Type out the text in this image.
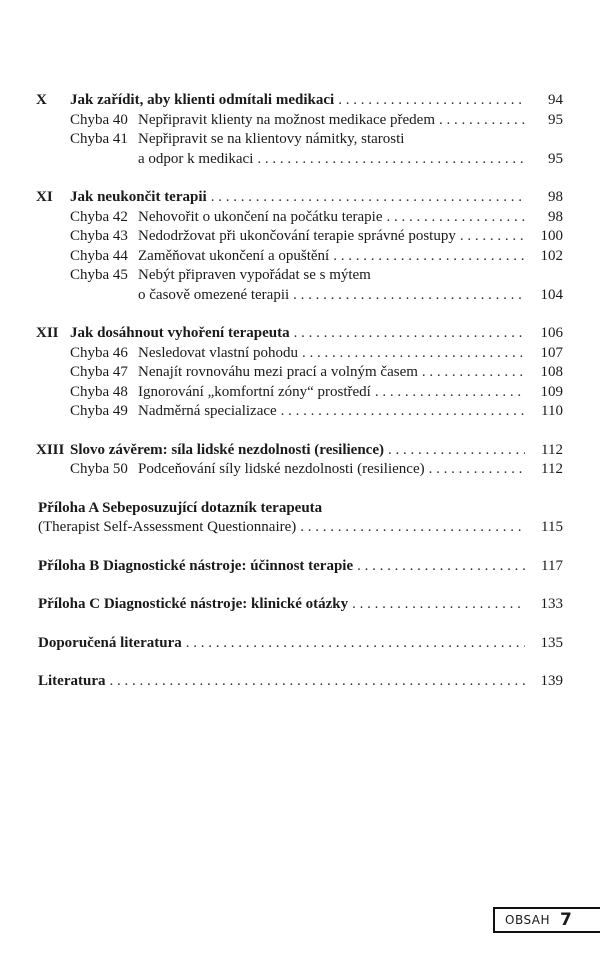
X Jak zařídit, aby klienti odmítali medikaci . . .	94
Chyba 40 Nepřipravit klienty na možnost medikace předem . . .	95
Chyba 41 Nepřipravit se na klientovy námitky, starosti
a odpor k medikaci . . .	95
XI Jak neukončit terapii . . .	98
Chyba 42 Nehovořit o ukončení na počátku terapie . . .	98
Chyba 43 Nedodržovat při ukončování terapie správné postupy . . .	100
Chyba 44 Zaměňovat ukončení a opuštění . . .	102
Chyba 45 Nebýt připraven vypořádat se s mýtem
o časově omezené terapii . . .	104
XII Jak dosáhnout vyhoření terapeuta . . .	106
Chyba 46 Nesledovat vlastní pohodu . . .	107
Chyba 47 Nenajít rovnováhu mezi prací a volným časem . . .	108
Chyba 48 Ignorování „komfortní zóny“ prostředí . . .	109
Chyba 49 Nadměrná specializace . . .	110
XIII Slovo závěrem: síla lidské nezdolnosti (resilience) . . .	112
Chyba 50 Podceňování síly lidské nezdolnosti (resilience) . . .	112
Příloha A Sebeposuzující dotazník terapeuta
(Therapist Self-Assessment Questionnaire) . . .	115
Příloha B Diagnostické nástroje: účinnost terapie . . .	117
Příloha C Diagnostické nástroje: klinické otázky . . .	133
Doporučená literatura . . .	135
Literatura . . .	139
OBSAH 7
